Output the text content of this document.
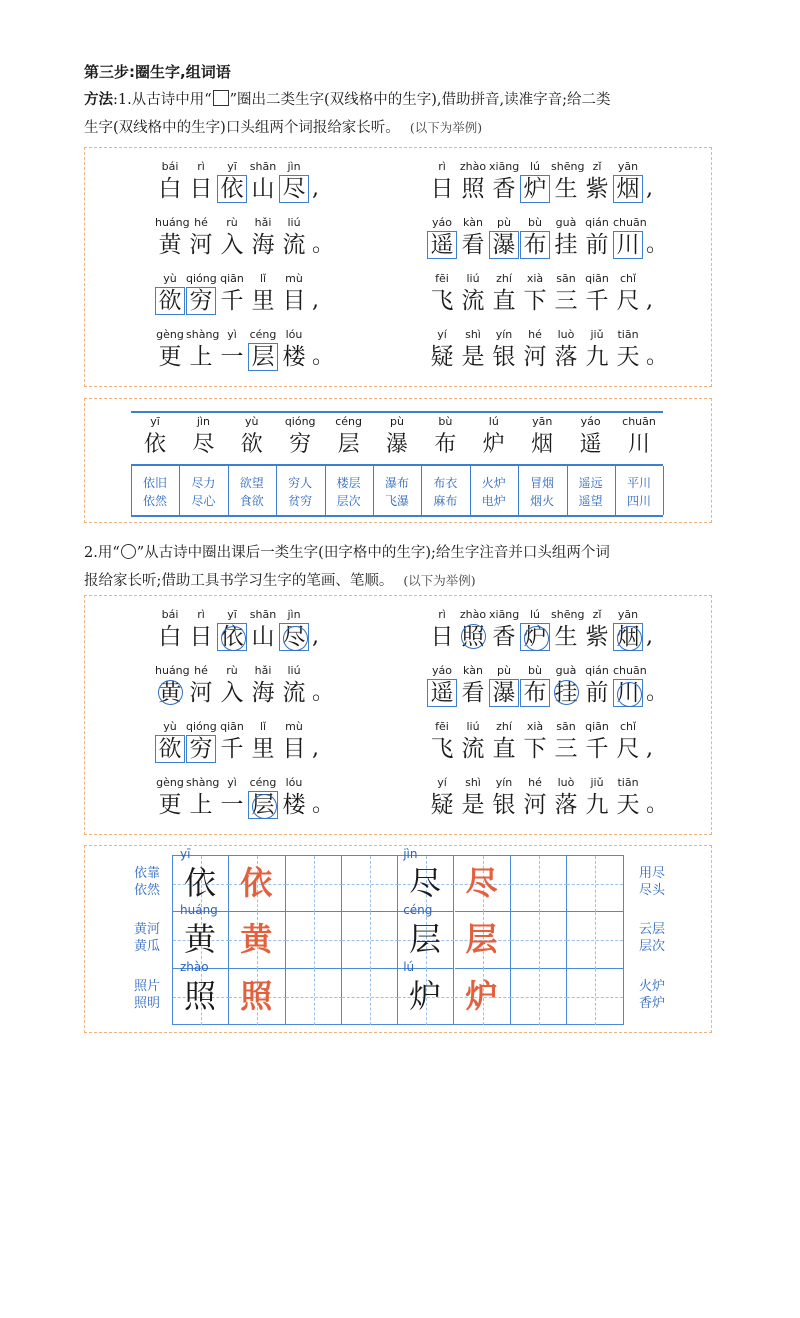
第三步:圈生字,组词语
方法:1.从古诗中用“ ”圈出二类生字(双线格中的生字),借助拼音,读准字音;给二类
生字(双线格中的生字)口头组两个词报给家长听。 (以下为举例)
bái
白
rì
日
yī
依
shān
山
jìn
尽 ,
huáng
黄
hé
河
rù
入
hǎi
海
liú
流 。
yù
欲
qióng
穷
qiān
千
lǐ
里
mù
目 ,
gèng
更
shàng
上
yì
一
céng
层
lóu
楼 。
rì
日
zhào
照
xiāng
香
lú
炉
shēng
生
zǐ
紫
yān
烟 ,
yáo
遥
kàn
看
pù
瀑
bù
布
guà
挂
qián
前
chuān
川 。
fēi
飞
liú
流
zhí
直
xià
下
sān
三
qiān
千
chǐ
尺 ,
yí
疑
shì
是
yín
银
hé
河
luò
落
jiǔ
九
tiān
天 。
yī
依
依旧
依然
jìn
尽
尽力
尽心
yù
欲
欲望
食欲
qióng
穷
穷人
贫穷
céng
层
楼层
层次
pù
瀑
瀑布
飞瀑
bù
布
布衣
麻布
lú
炉
火炉
电炉
yān
烟
冒烟
烟火
yáo
遥
遥远
遥望
chuān
川
平川
四川
2.用“ ”从古诗中圈出课后一类生字(田字格中的生字);给生字注音并口头组两个词
报给家长听;借助工具书学习生字的笔画、笔顺。 (以下为举例)
bái
白
rì
日
yī
依
shān
山
jìn
尽 ,
huáng
黄
hé
河
rù
入
hǎi
海
liú
流 。
yù
欲
qióng
穷
qiān
千
lǐ
里
mù
目 ,
gèng
更
shàng
上
yì
一
céng
层
lóu
楼 。
rì
日
zhào
照
xiāng
香
lú
炉
shēng
生
zǐ
紫
yān
烟 ,
yáo
遥
kàn
看
pù
瀑
bù
布
guà
挂
qián
前
chuān
川 。
fēi
飞
liú
流
zhí
直
xià
下
sān
三
qiān
千
chǐ
尺 ,
yí
疑
shì
是
yín
银
hé
河
luò
落
jiǔ
九
tiān
天 。
yī
依 依
jìn
尽 尽
依靠
依然
用尽
尽头
huáng
黄 黄
céng
层 层
黄河
黄瓜
云层
层次
zhào
照 照
lú
炉 炉
照片
照明
火炉
香炉
